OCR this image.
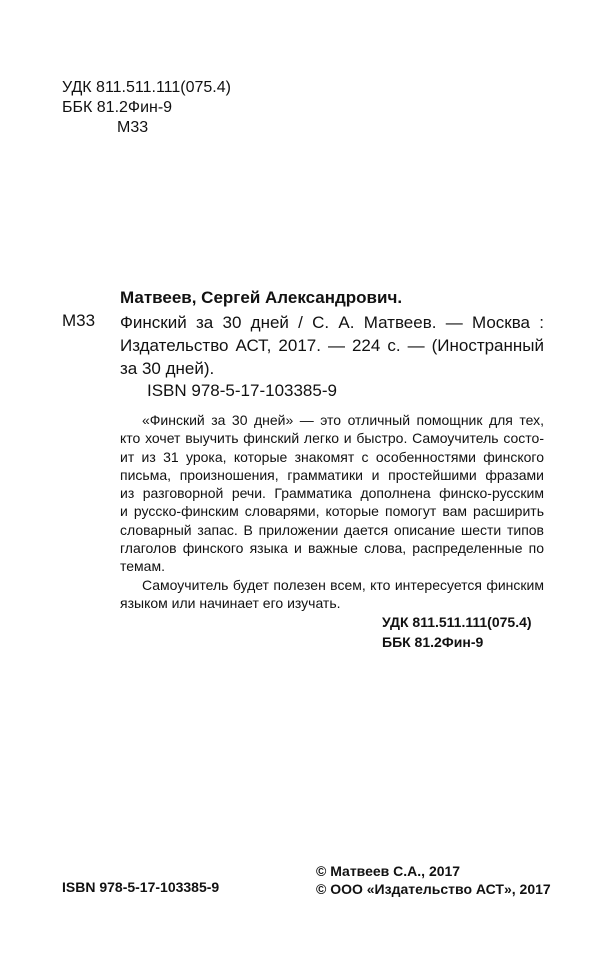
УДК 811.511.111(075.4)
ББК 81.2Фин-9
М33
Матвеев, Сергей Александрович.
М33 Финский за 30 дней / С. А. Матвеев. — Москва :
Издательство АСТ, 2017. — 224 с. — (Иностранный
за 30 дней).
ISBN 978-5-17-103385-9
«Финский за 30 дней» — это отличный помощник для тех,
кто хочет выучить финский легко и быстро. Самоучитель состо-
ит из 31 урока, которые знакомят с особенностями финского
письма, произношения, грамматики и простейшими фразами
из разговорной речи. Грамматика дополнена финско-русским
и русско-финским словарями, которые помогут вам расширить
словарный запас. В приложении дается описание шести типов
глаголов финского языка и важные слова, распределенные по
темам.
Самоучитель будет полезен всем, кто интересуется финским
языком или начинает его изучать.
УДК 811.511.111(075.4)
ББК 81.2Фин-9
© Матвеев С.А., 2017
© ООО «Издательство АСТ», 2017
ISBN 978-5-17-103385-9
